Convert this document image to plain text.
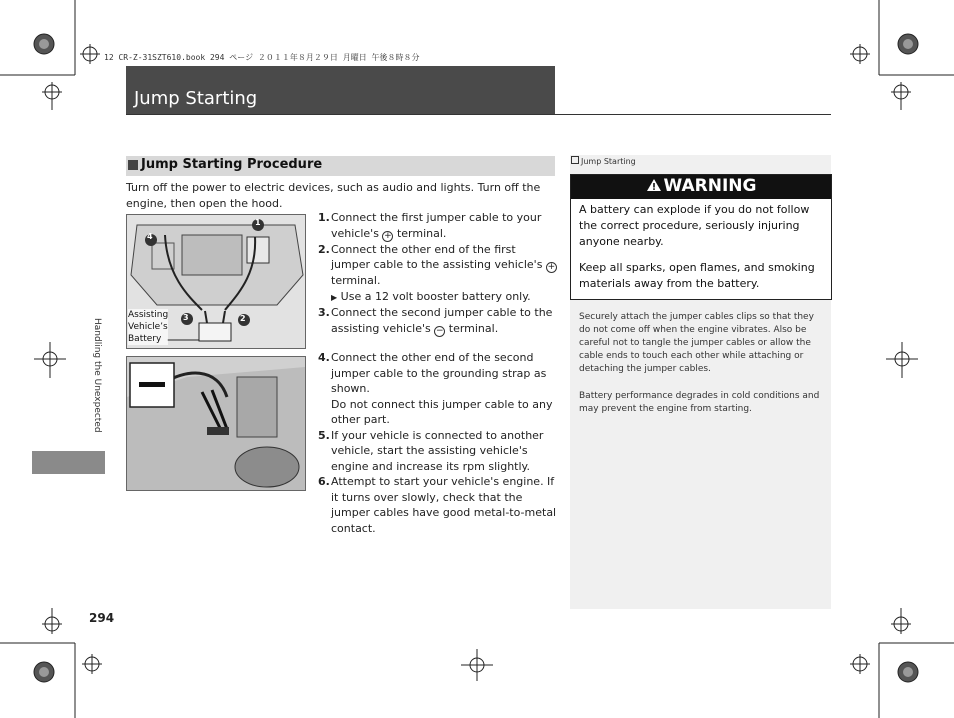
12 CR-Z-31SZT610.book 294 ページ ２０１１年８月２９日 月曜日 午後８時８分
Jump Starting
Handling the Unexpected
294
Jump Starting Procedure
Turn off the power to electric devices, such as audio and lights. Turn off the engine, then open the hood.
4
1
3	2
Assisting
Vehicle’s
Battery
1. Connect the first jumper cable to your vehicle's + terminal.
2. Connect the other end of the first jumper cable to the assisting vehicle's + terminal.
▶ Use a 12 volt booster battery only.
3. Connect the second jumper cable to the assisting vehicle's − terminal.
4. Connect the other end of the second jumper cable to the grounding strap as shown.
Do not connect this jumper cable to any other part.
5. If your vehicle is connected to another vehicle, start the assisting vehicle's engine and increase its rpm slightly.
6. Attempt to start your vehicle's engine. If it turns over slowly, check that the jumper cables have good metal-to-metal contact.
Jump Starting
WARNING

A battery can explode if you do not follow the correct procedure, seriously injuring anyone nearby.

Keep all sparks, open flames, and smoking materials away from the battery.

Securely attach the jumper cables clips so that they do not come off when the engine vibrates. Also be careful not to tangle the jumper cables or allow the cable ends to touch each other while attaching or detaching the jumper cables.
Battery performance degrades in cold conditions and may prevent the engine from starting.
